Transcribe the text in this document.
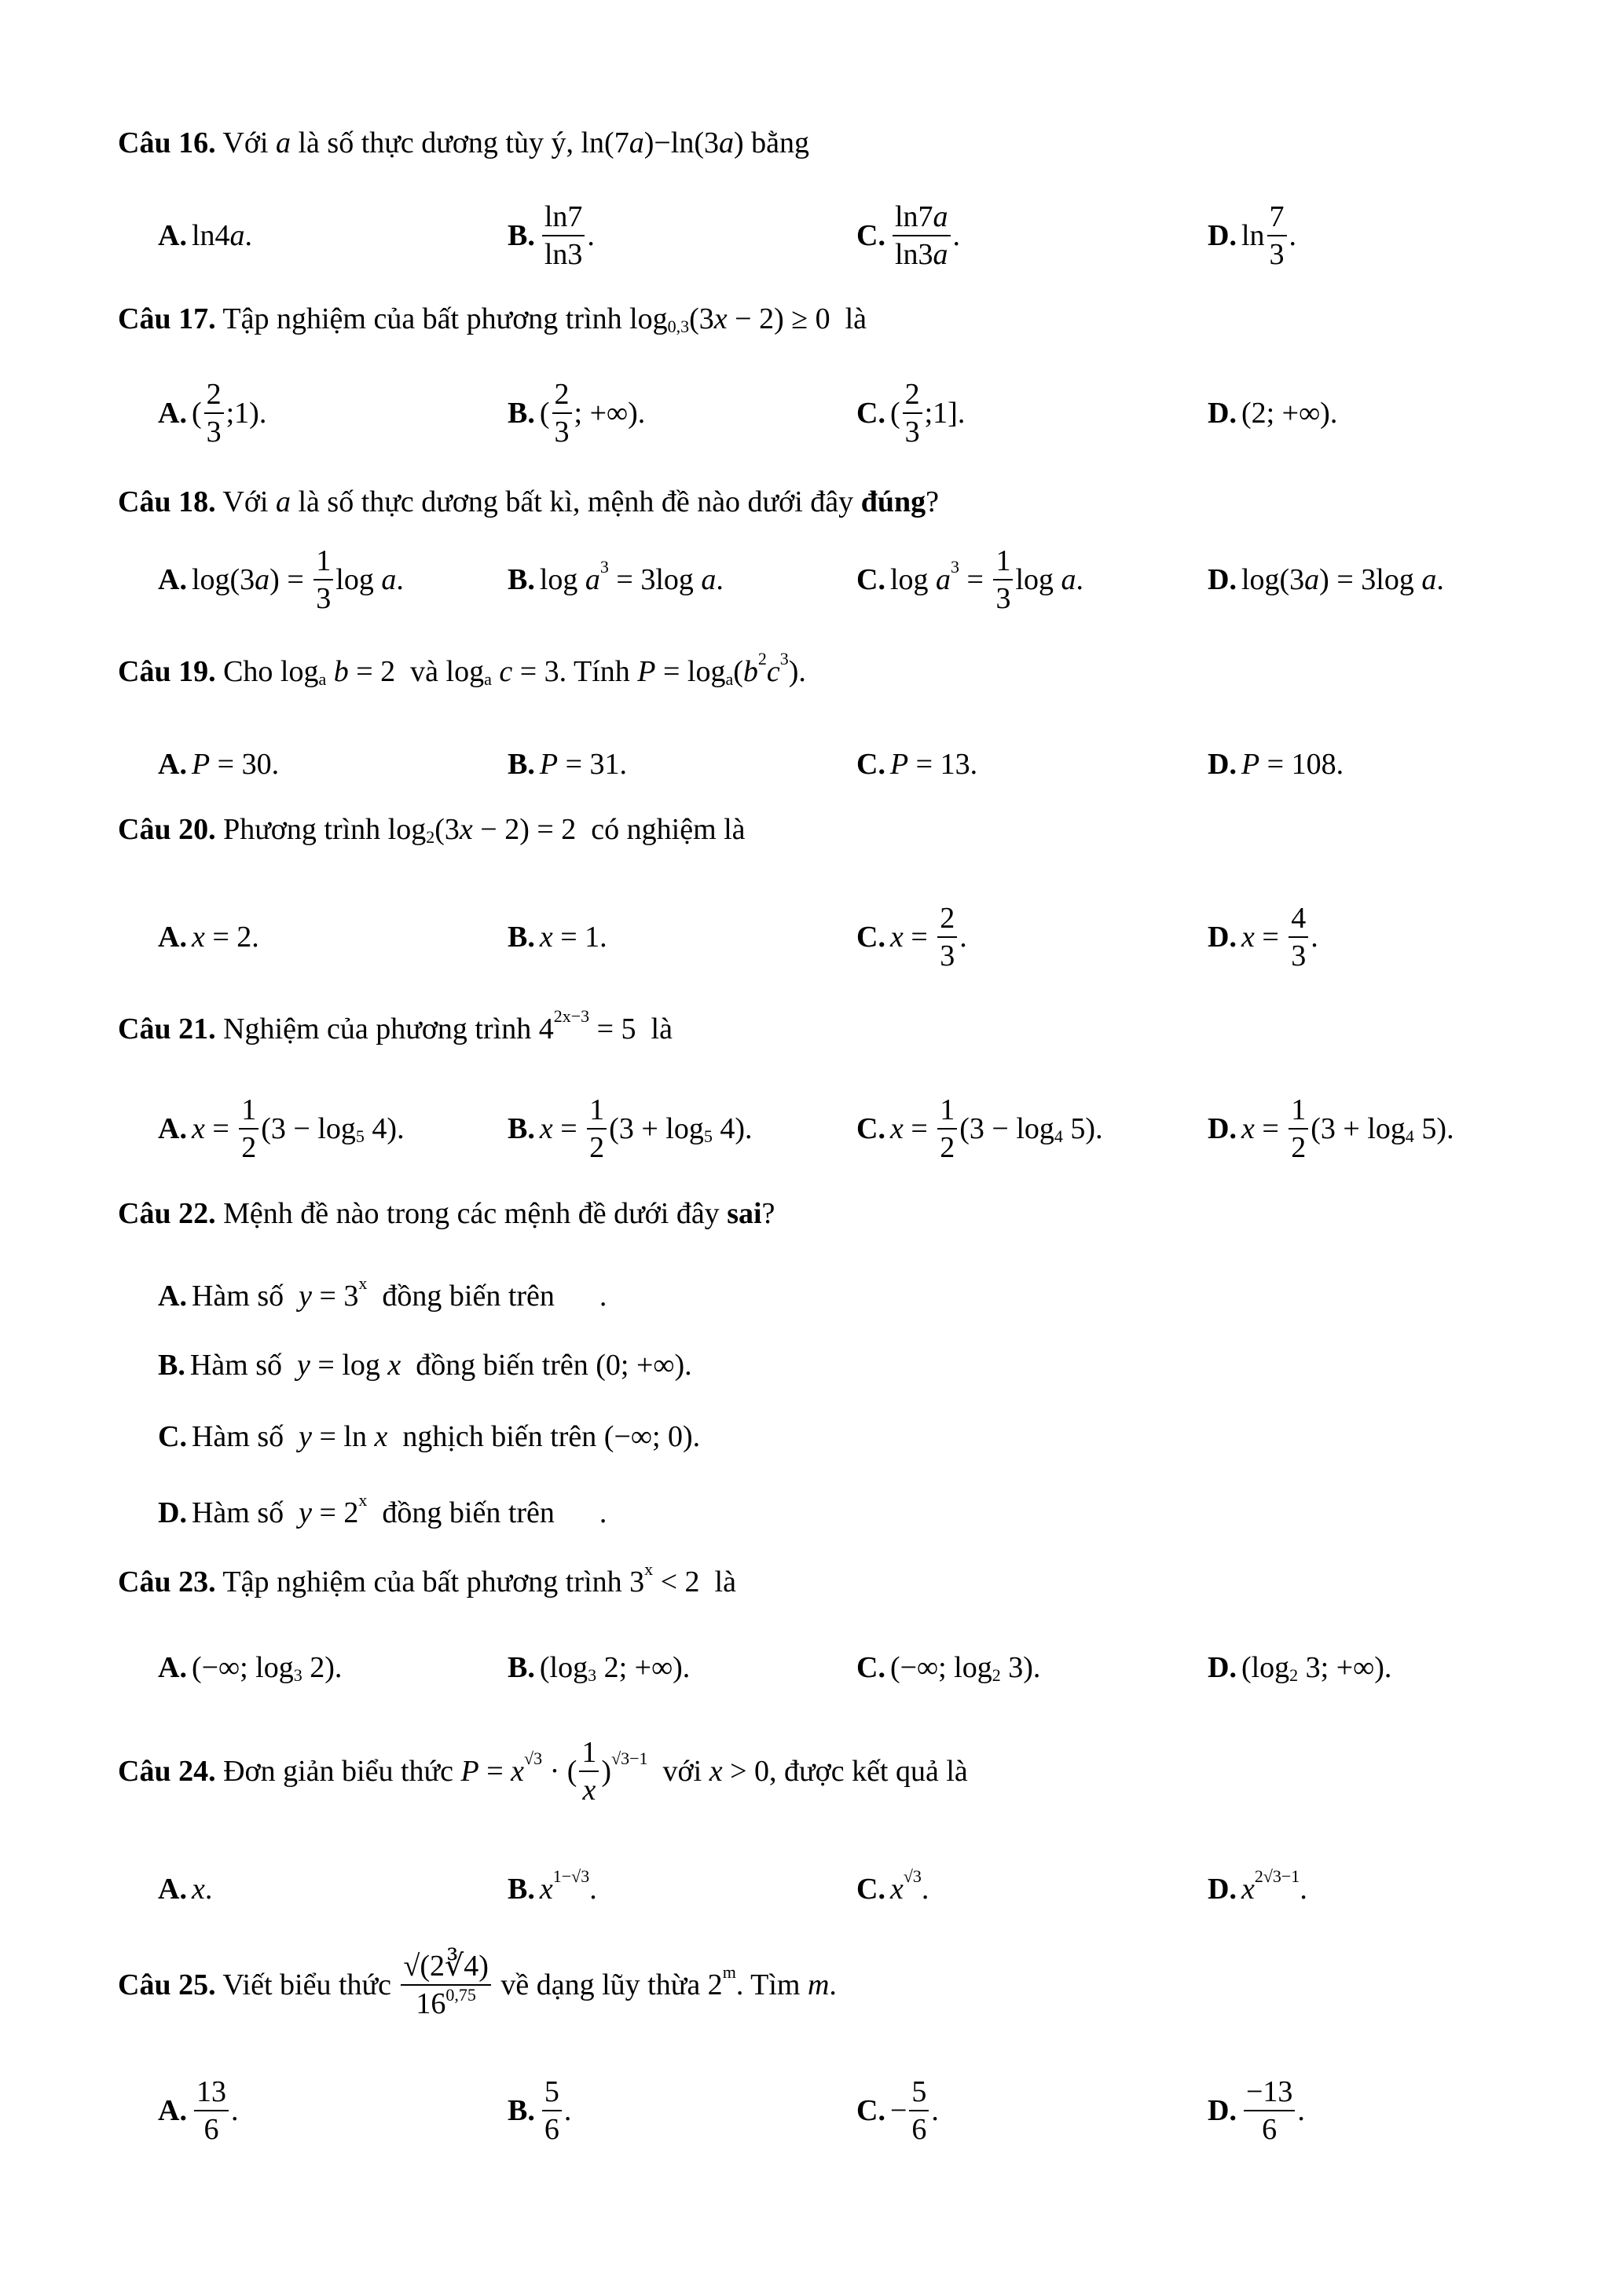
Câu 16. Với a là số thực dương tùy ý, ln(7 a )−ln(3 a ) bằng
A. ln4 a .	B. $\frac{\ln 7}{\ln 3}$ .	C. $\frac{\ln 7a}{\ln 3a}$ .	D. $\ln \frac{7}{3}$ .
Câu 17. Tập nghiệm của bất phương trình $\log_{0,3} (3$ x − 2) ≥ 0  là
A. ( $\frac{2}{3}$ ;1).	B. ( $\frac{2}{3}$ ; +∞).	C. ( $\frac{2}{3}$ ;1].	D. (2; +∞).
Câu 18. Với a là số thực dương bất kì, mệnh đề nào dưới đây đúng ?
A. log(3 a ) = $\frac{1}{3}$ log a .	B. $\log a^3 = 3\log$ a .	C. $\log a^3 = \frac{1}{3}$ log a .	D. log(3 a ) = 3log a .
Câu 19. Cho $\log_a b = 2$  và $\log_a c = 3$. Tính $P = \log_a$ ( $b^2$ $c^3$ ).
A. P = 30.	B. P = 31.	C. P = 13.	D. P = 108.
Câu 20. Phương trình $\log_2 (3$ x − 2) = 2  có nghiệm là
A. x = 2.	B. x = 1.	C. $x = \frac{2}{3}$ .	D. $x = \frac{4}{3}$ .
Câu 21. Nghiệm của phương trình $4^{2x-3} = 5$  là
A. $x = \frac{1}{2} (3 - \log_5 4)$.	B. $x = \frac{1}{2} (3 + \log_5 4)$.	C. $x = \frac{1}{2} (3 - \log_4 5)$.	D. $x = \frac{1}{2} (3 + \log_4 5)$.
Câu 22. Mệnh đề nào trong các mệnh đề dưới đây sai ?
A. Hàm số $y = 3^x$ đồng biến trên      .
B. Hàm số y = log x đồng biến trên (0; +∞).
C. Hàm số y = ln x nghịch biến trên (−∞; 0).
D. Hàm số $y = 2^x$ đồng biến trên      .
Câu 23. Tập nghiệm của bất phương trình $3^x < 2$  là
A. (−∞; $\log_3 2$).	B. ($\log_3$ 2; +∞).	C. (−∞; $\log_2 3$).	D. ($\log_2$ 3; +∞).
Câu 24. Đơn giản biểu thức $P = x^{√3}$ · ( $\frac{1}{x} )^{√3-1}$ với x > 0, được kết quả là
A. x .	B. $x^{1-√3}$ .	C. $x^{√3}$ .	D. $x^{2√3-1}$ .
Câu 25. Viết biểu thức $\frac{√(2∛4)}{16^{0,75}}$ về dạng lũy thừa 2$^m$ . Tìm m .
A. $\frac{13}{6}$ .	B. $\frac{5}{6}$ .	C. − $\frac{5}{6}$ .	D. $\frac{-13}{6}$ .
